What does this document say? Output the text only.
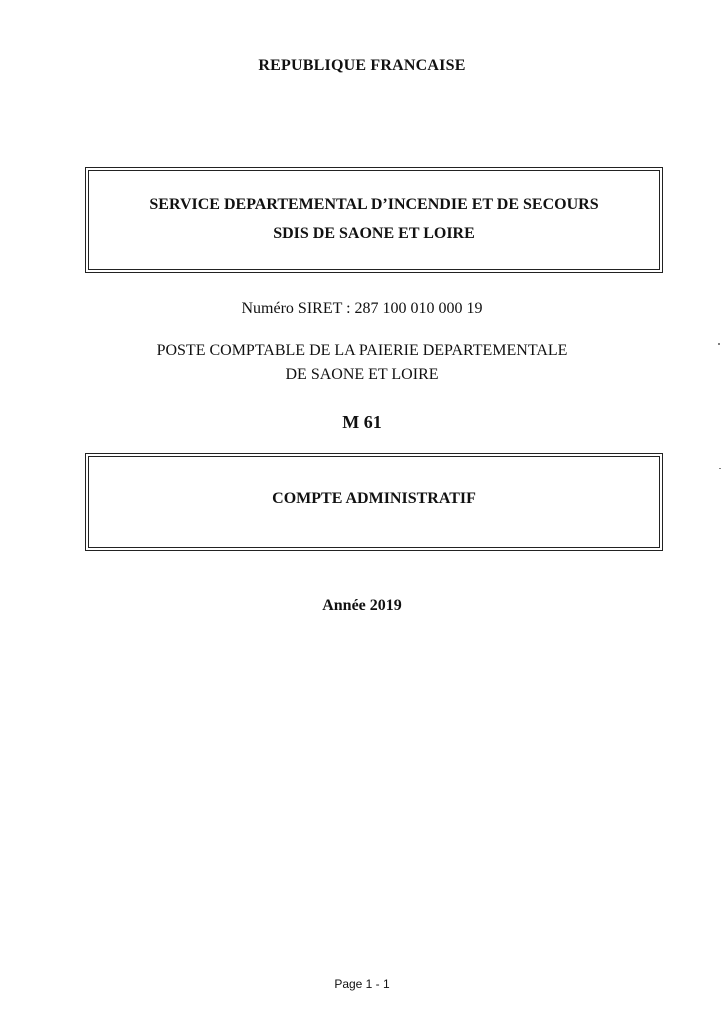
REPUBLIQUE FRANCAISE
SERVICE DEPARTEMENTAL D’INCENDIE ET DE SECOURS
SDIS DE SAONE ET LOIRE
Numéro SIRET : 287 100 010 000 19
POSTE COMPTABLE DE LA PAIERIE DEPARTEMENTALE
DE SAONE ET LOIRE
M 61
COMPTE ADMINISTRATIF
Année 2019
Page 1 - 1
